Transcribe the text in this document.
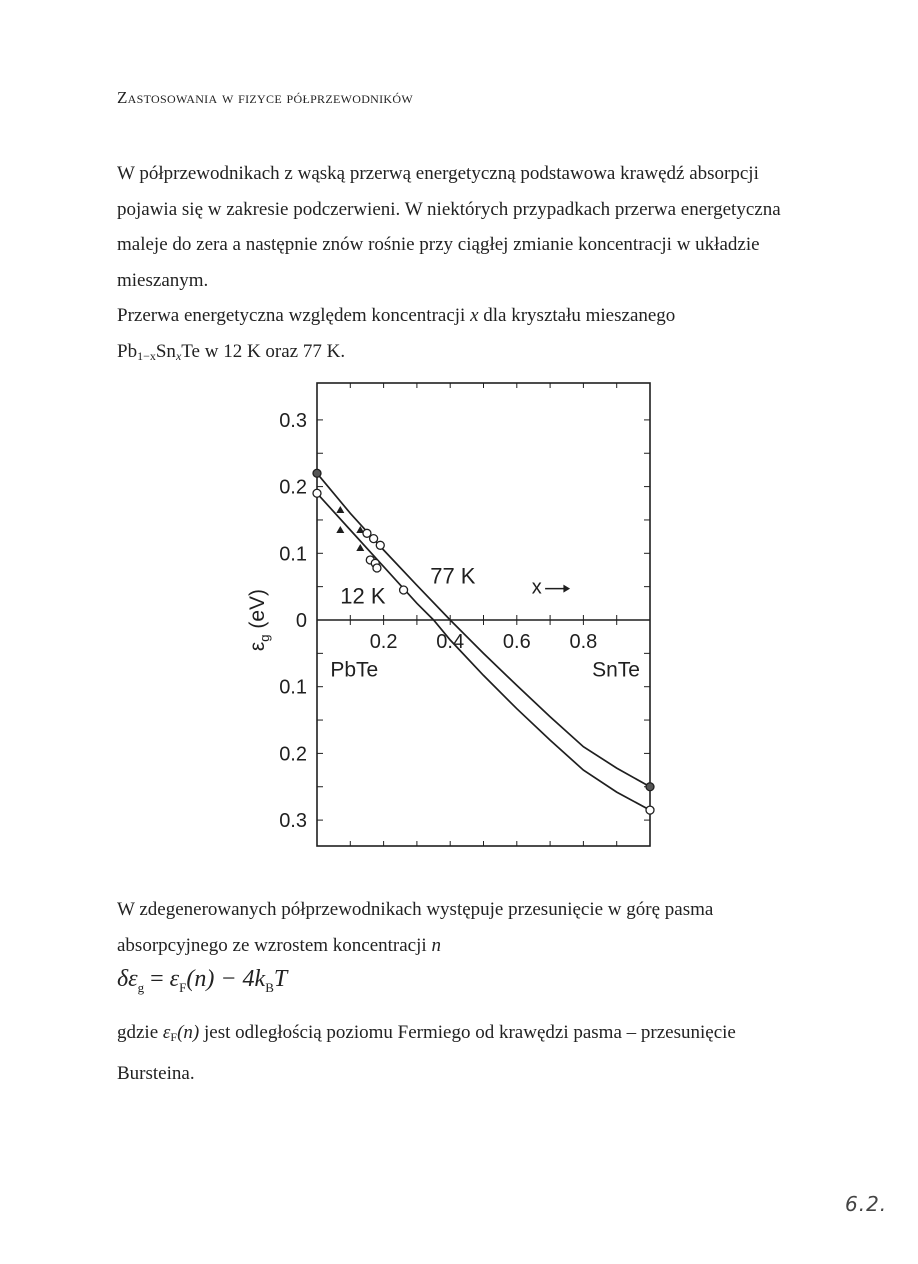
Zastosowania w fizyce półprzewodników
W półprzewodnikach z wąską przerwą energetyczną podstawowa krawędź absorpcji pojawia się w zakresie podczerwieni. W niektórych przypadkach przerwa energetyczna maleje do zera a następnie znów rośnie przy ciągłej zmianie koncentracji w układzie mieszanym.
Przerwa energetyczna względem koncentracji x dla kryształu mieszanego
$Pb_{1-x}Sn_xTe$ w 12 K oraz 77 K.
0.3
0.2
0.1
0
0.1
0.2
0.3
0.2 0.4 0.6 0.8
$\varepsilon_g$ (eV)
77 K
12 K
PbTe	SnTe
x
W zdegenerowanych półprzewodnikach występuje przesunięcie w górę pasma absorpcyjnego ze wzrostem koncentracji n
$\delta\varepsilon_g = \varepsilon_F(n) - 4k_BT$
gdzie $\varepsilon_F(n)$ jest odległością poziomu Fermiego od krawędzi pasma – przesunięcie Bursteina.
6.2.
